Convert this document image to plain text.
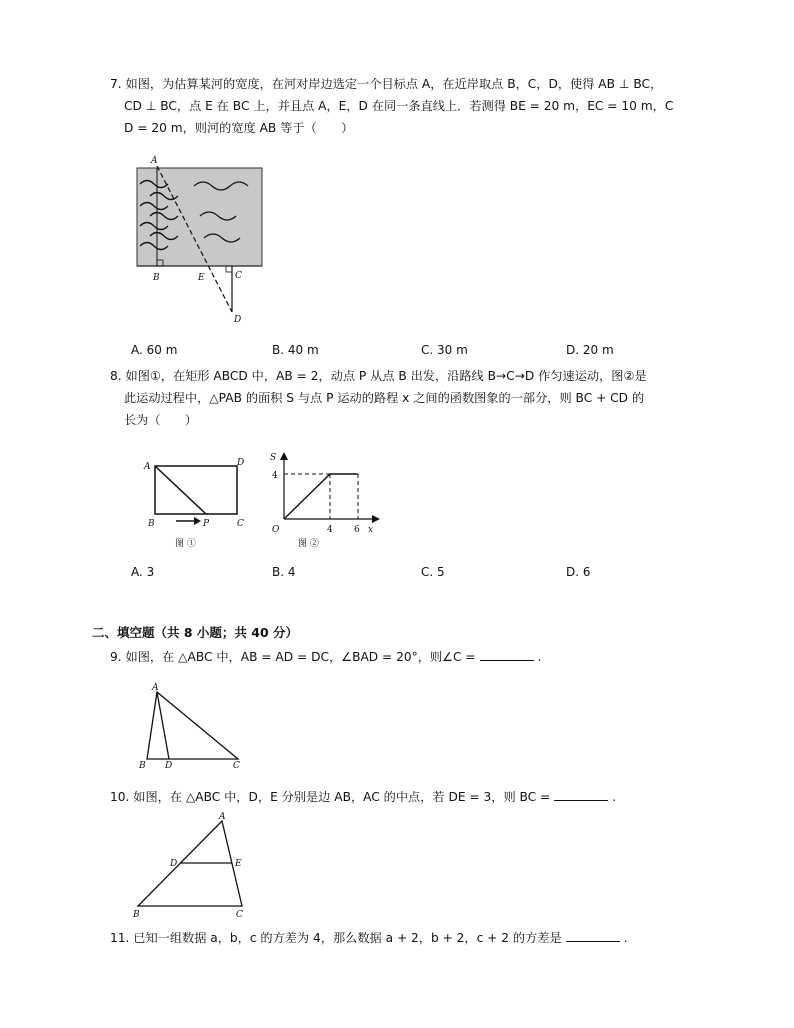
7. 如图，为估算某河的宽度，在河对岸边选定一个目标点 A，在近岸取点 B，C，D，使得 AB ⊥ BC，
CD ⊥ BC，点 E 在 BC 上，并且点 A，E，D 在同一条直线上．若测得 BE = 20 m，EC = 10 m，C
D = 20 m，则河的宽度 AB 等于（　　）
A
B	E	C
D
A. 60 m	B. 40 m	C. 30 m	D. 20 m
8. 如图①，在矩形 ABCD 中，AB = 2，动点 P 从点 B 出发，沿路线 B→C→D 作匀速运动，图②是
此运动过程中，△PAB 的面积 S 与点 P 运动的路程 x 之间的函数图象的一部分，则 BC + CD 的
长为（　　）
A	D
B	P	C
图 ①
S
4
O	4 6 x
图 ②
A. 3	B. 4	C. 5	D. 6
二、填空题（共 8 小题；共 40 分）
9. 如图，在 △ABC 中，AB = AD = DC，∠BAD = 20°，则∠C =	.
A
B D	C
10. 如图，在 △ABC 中，D，E 分别是边 AB，AC 的中点，若 DE = 3，则 BC =	.
A
D	E
B	C
11. 已知一组数据 a，b，c 的方差为 4，那么数据 a + 2，b + 2，c + 2 的方差是	.
